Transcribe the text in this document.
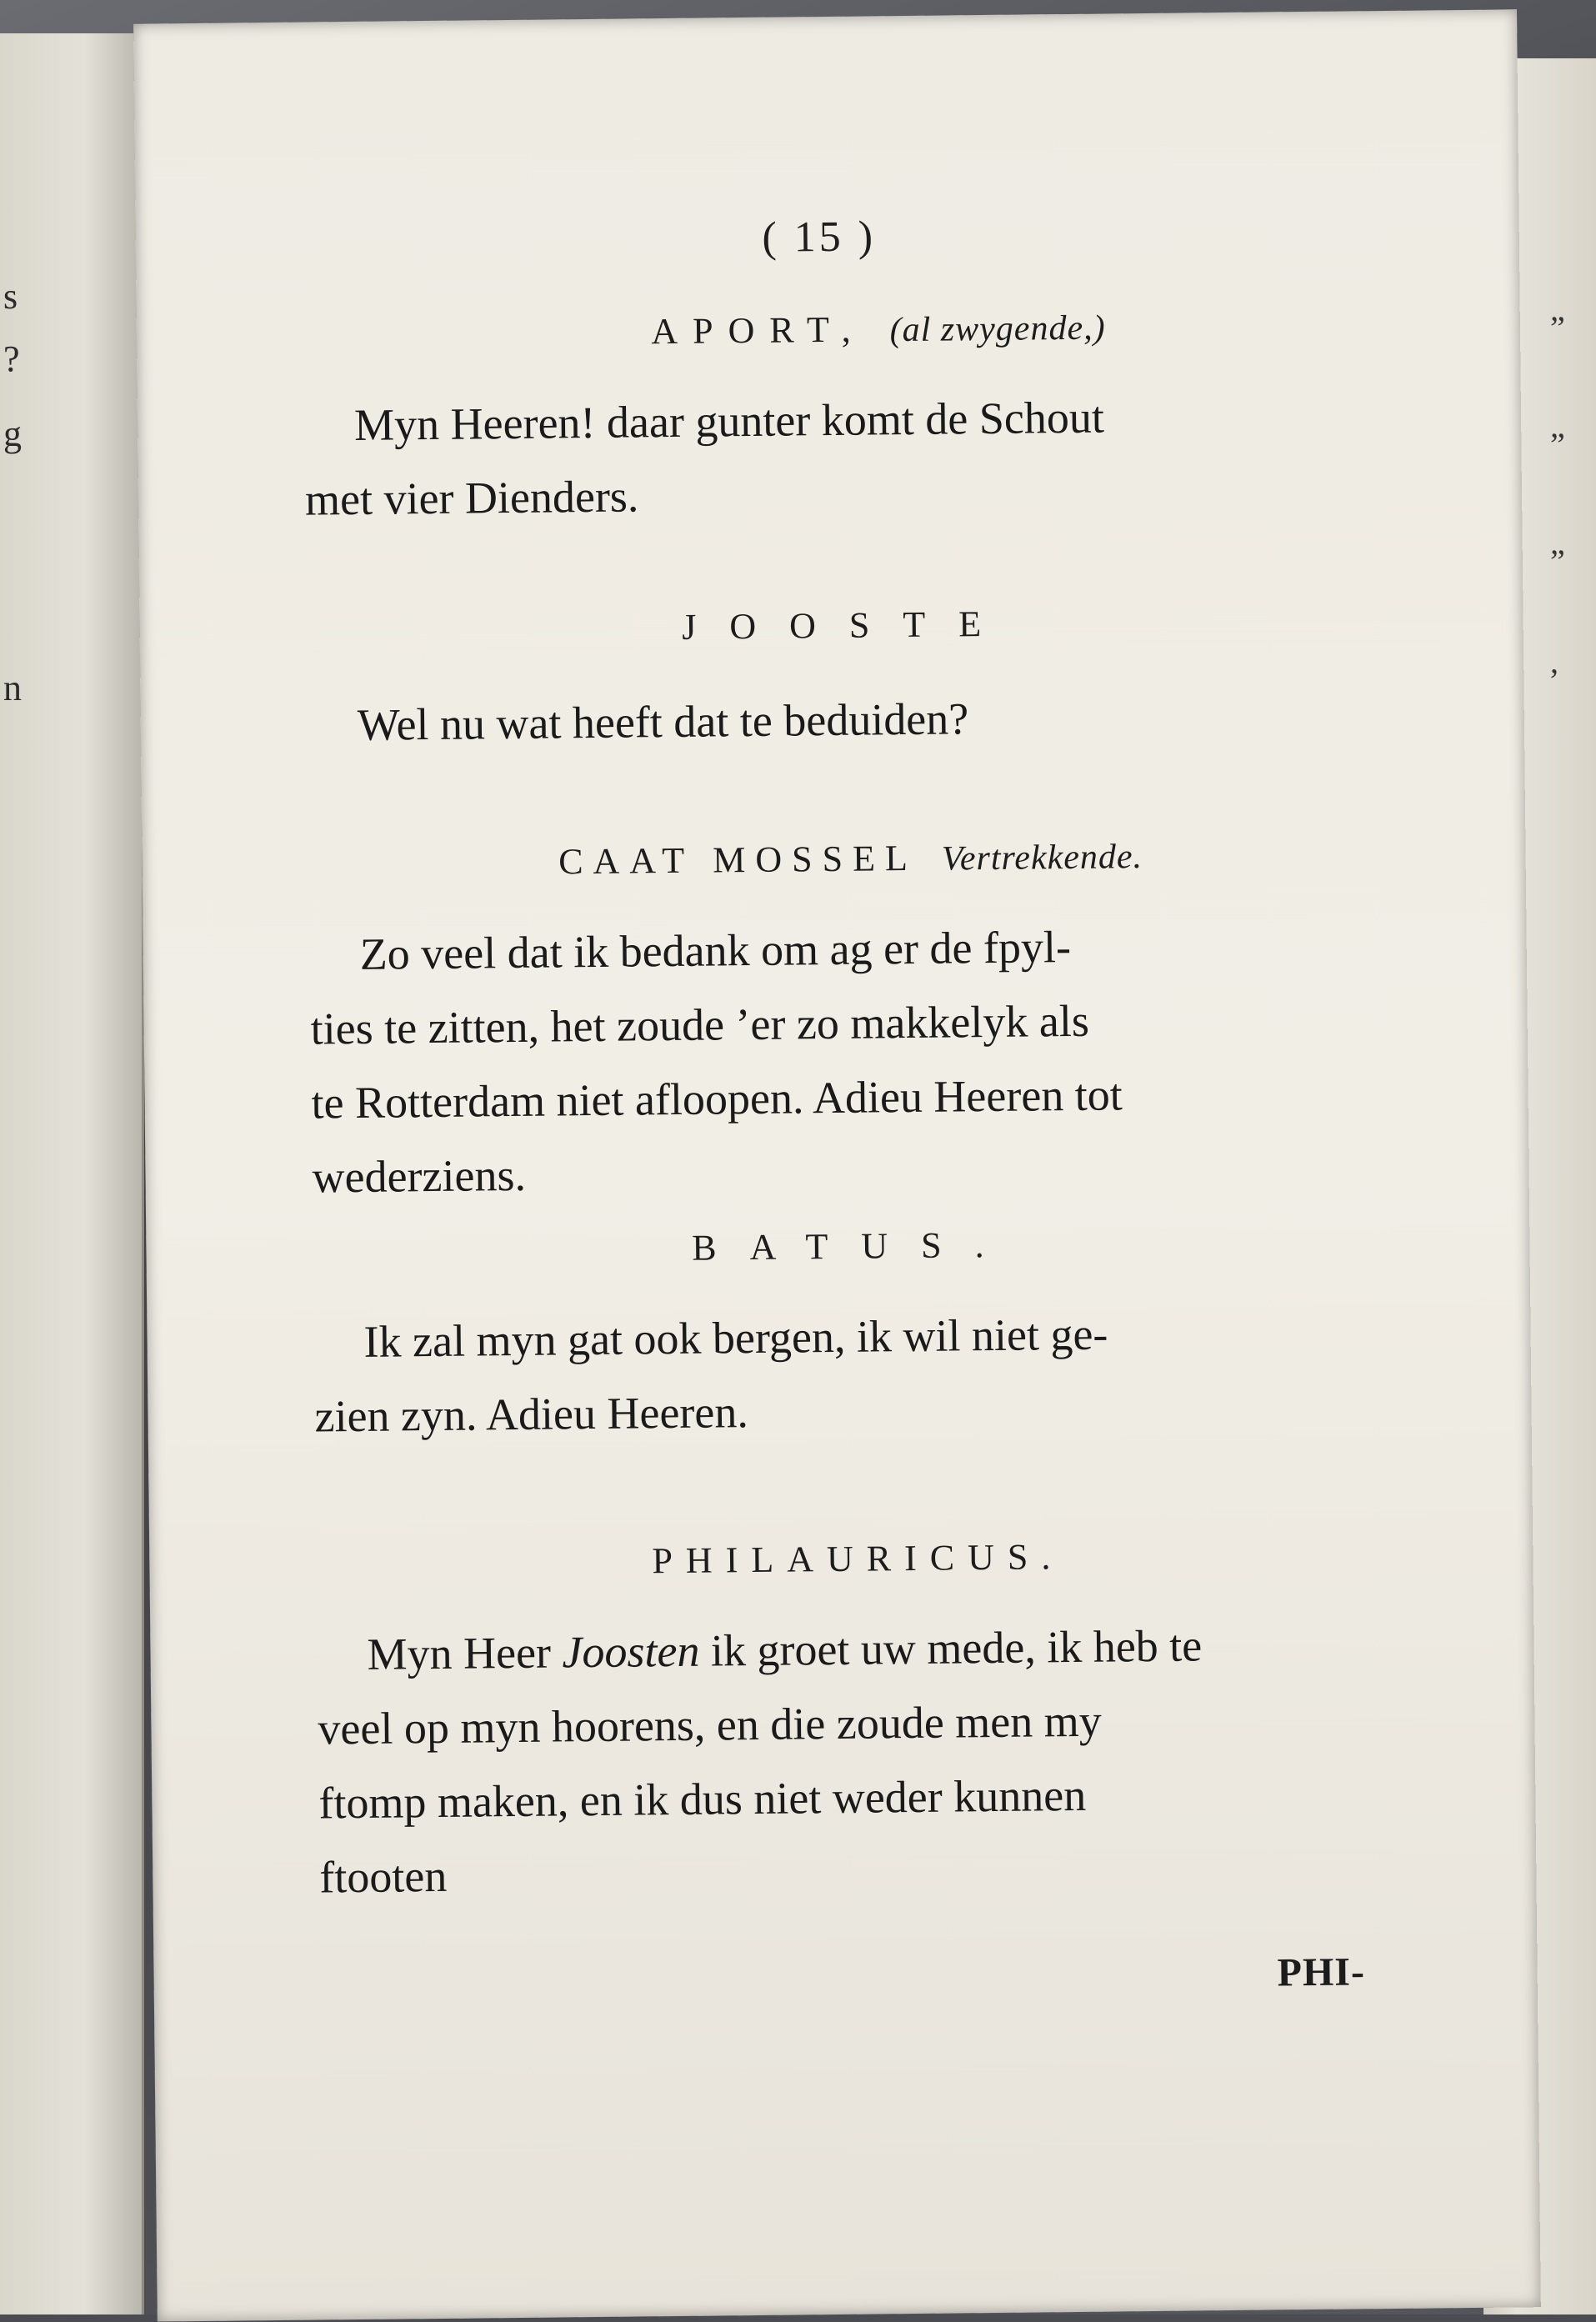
s
?
g
n
”
”
”
,
( 15 )
APORT, (al zwygende,)
Myn Heeren! daar gunter komt de Schout
met vier Dienders.
JOOSTE
Wel nu wat heeft dat te beduiden?
CAAT MOSSEL Vertrekkende.
Zo veel dat ik bedank om ag er de fpyl-
ties te zitten, het zoude ’er zo makkelyk als
te Rotterdam niet afloopen. Adieu Heeren tot
wederziens.
BATUS.
Ik zal myn gat ook bergen, ik wil niet ge-
zien zyn. Adieu Heeren.
PHILAURICUS.
Myn Heer Joosten ik groet uw mede, ik heb te
veel op myn hoorens, en die zoude men my
ftomp maken, en ik dus niet weder kunnen
ftooten
PHI-
